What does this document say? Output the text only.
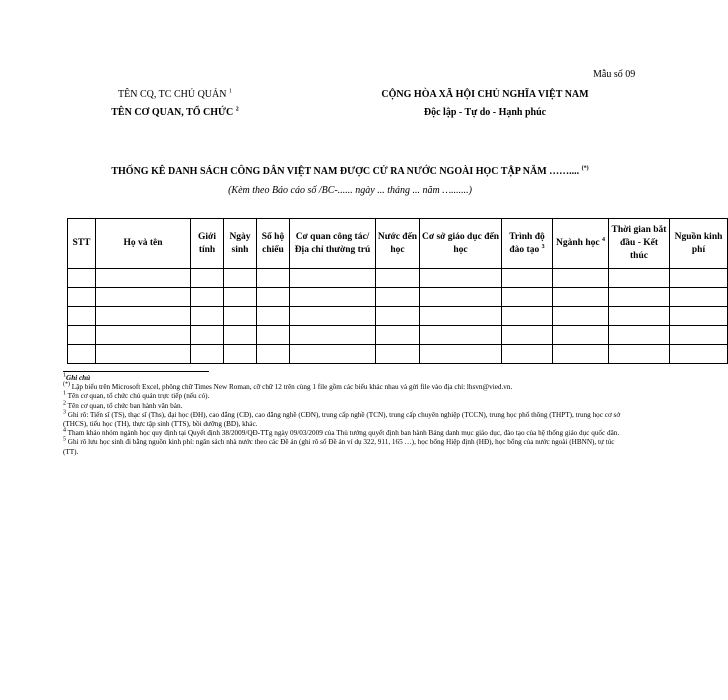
Mẫu số 09
TÊN CQ, TC CHỦ QUẢN $^1$
TÊN CƠ QUAN, TỔ CHỨC $^2$
CỘNG HÒA XÃ HỘI CHỦ NGHĨA VIỆT NAM
Độc lập - Tự do - Hạnh phúc
THỐNG KÊ DANH SÁCH CÔNG DÂN VIỆT NAM ĐƯỢC CỬ RA NƯỚC NGOÀI HỌC TẬP NĂM …….... (*)
(Kèm theo Báo cáo số /BC-...... ngày ... tháng ... năm ….......)
STT	Họ và tên	Giới tính	Ngày sinh	Số hộ chiếu	Cơ quan công tác/ Địa chỉ thường trú	Nước đến học	Cơ sở giáo dục đến học	Trình độ đào tạo $^3$	Ngành học $^4$	Thời gian bắt đầu - Kết thúc	Nguồn kinh phí

$^1$Ghi chú

(*) Lập biểu trên Microsoft Excel, phông chữ Times New Roman, cỡ chữ 12 trên cùng 1 file gồm các biểu khác nhau và gửi file vào địa chỉ: lhsvn@vied.vn.

$^1$ Tên cơ quan, tổ chức chủ quản trực tiếp (nếu có).

$^2$ Tên cơ quan, tổ chức ban hành văn bản.

$^3$ Ghi rõ: Tiến sĩ (TS), thạc sĩ (Ths), đại học (ĐH), cao đẳng (CĐ), cao đẳng nghề (CĐN), trung cấp nghề (TCN), trung cấp chuyên nghiệp (TCCN), trung học phổ thông (THPT), trung học cơ sở (THCS), tiểu học (TH), thực tập sinh (TTS), bồi dưỡng (BD), khác.

$^4$ Tham khảo nhóm ngành học quy định tại Quyết định 38/2009/QĐ-TTg ngày 09/03/2009 của Thủ tướng quyết định ban hành Bảng danh mục giáo dục, đào tạo của hệ thống giáo dục quốc dân.

$^5$ Ghi rõ lưu học sinh đi bằng nguồn kinh phí: ngân sách nhà nước theo các Đề án (ghi rõ số Đề án ví dụ 322, 911, 165 …), học bổng Hiệp định (HĐ), học bổng của nước ngoài (HBNN), tự túc (TT).
